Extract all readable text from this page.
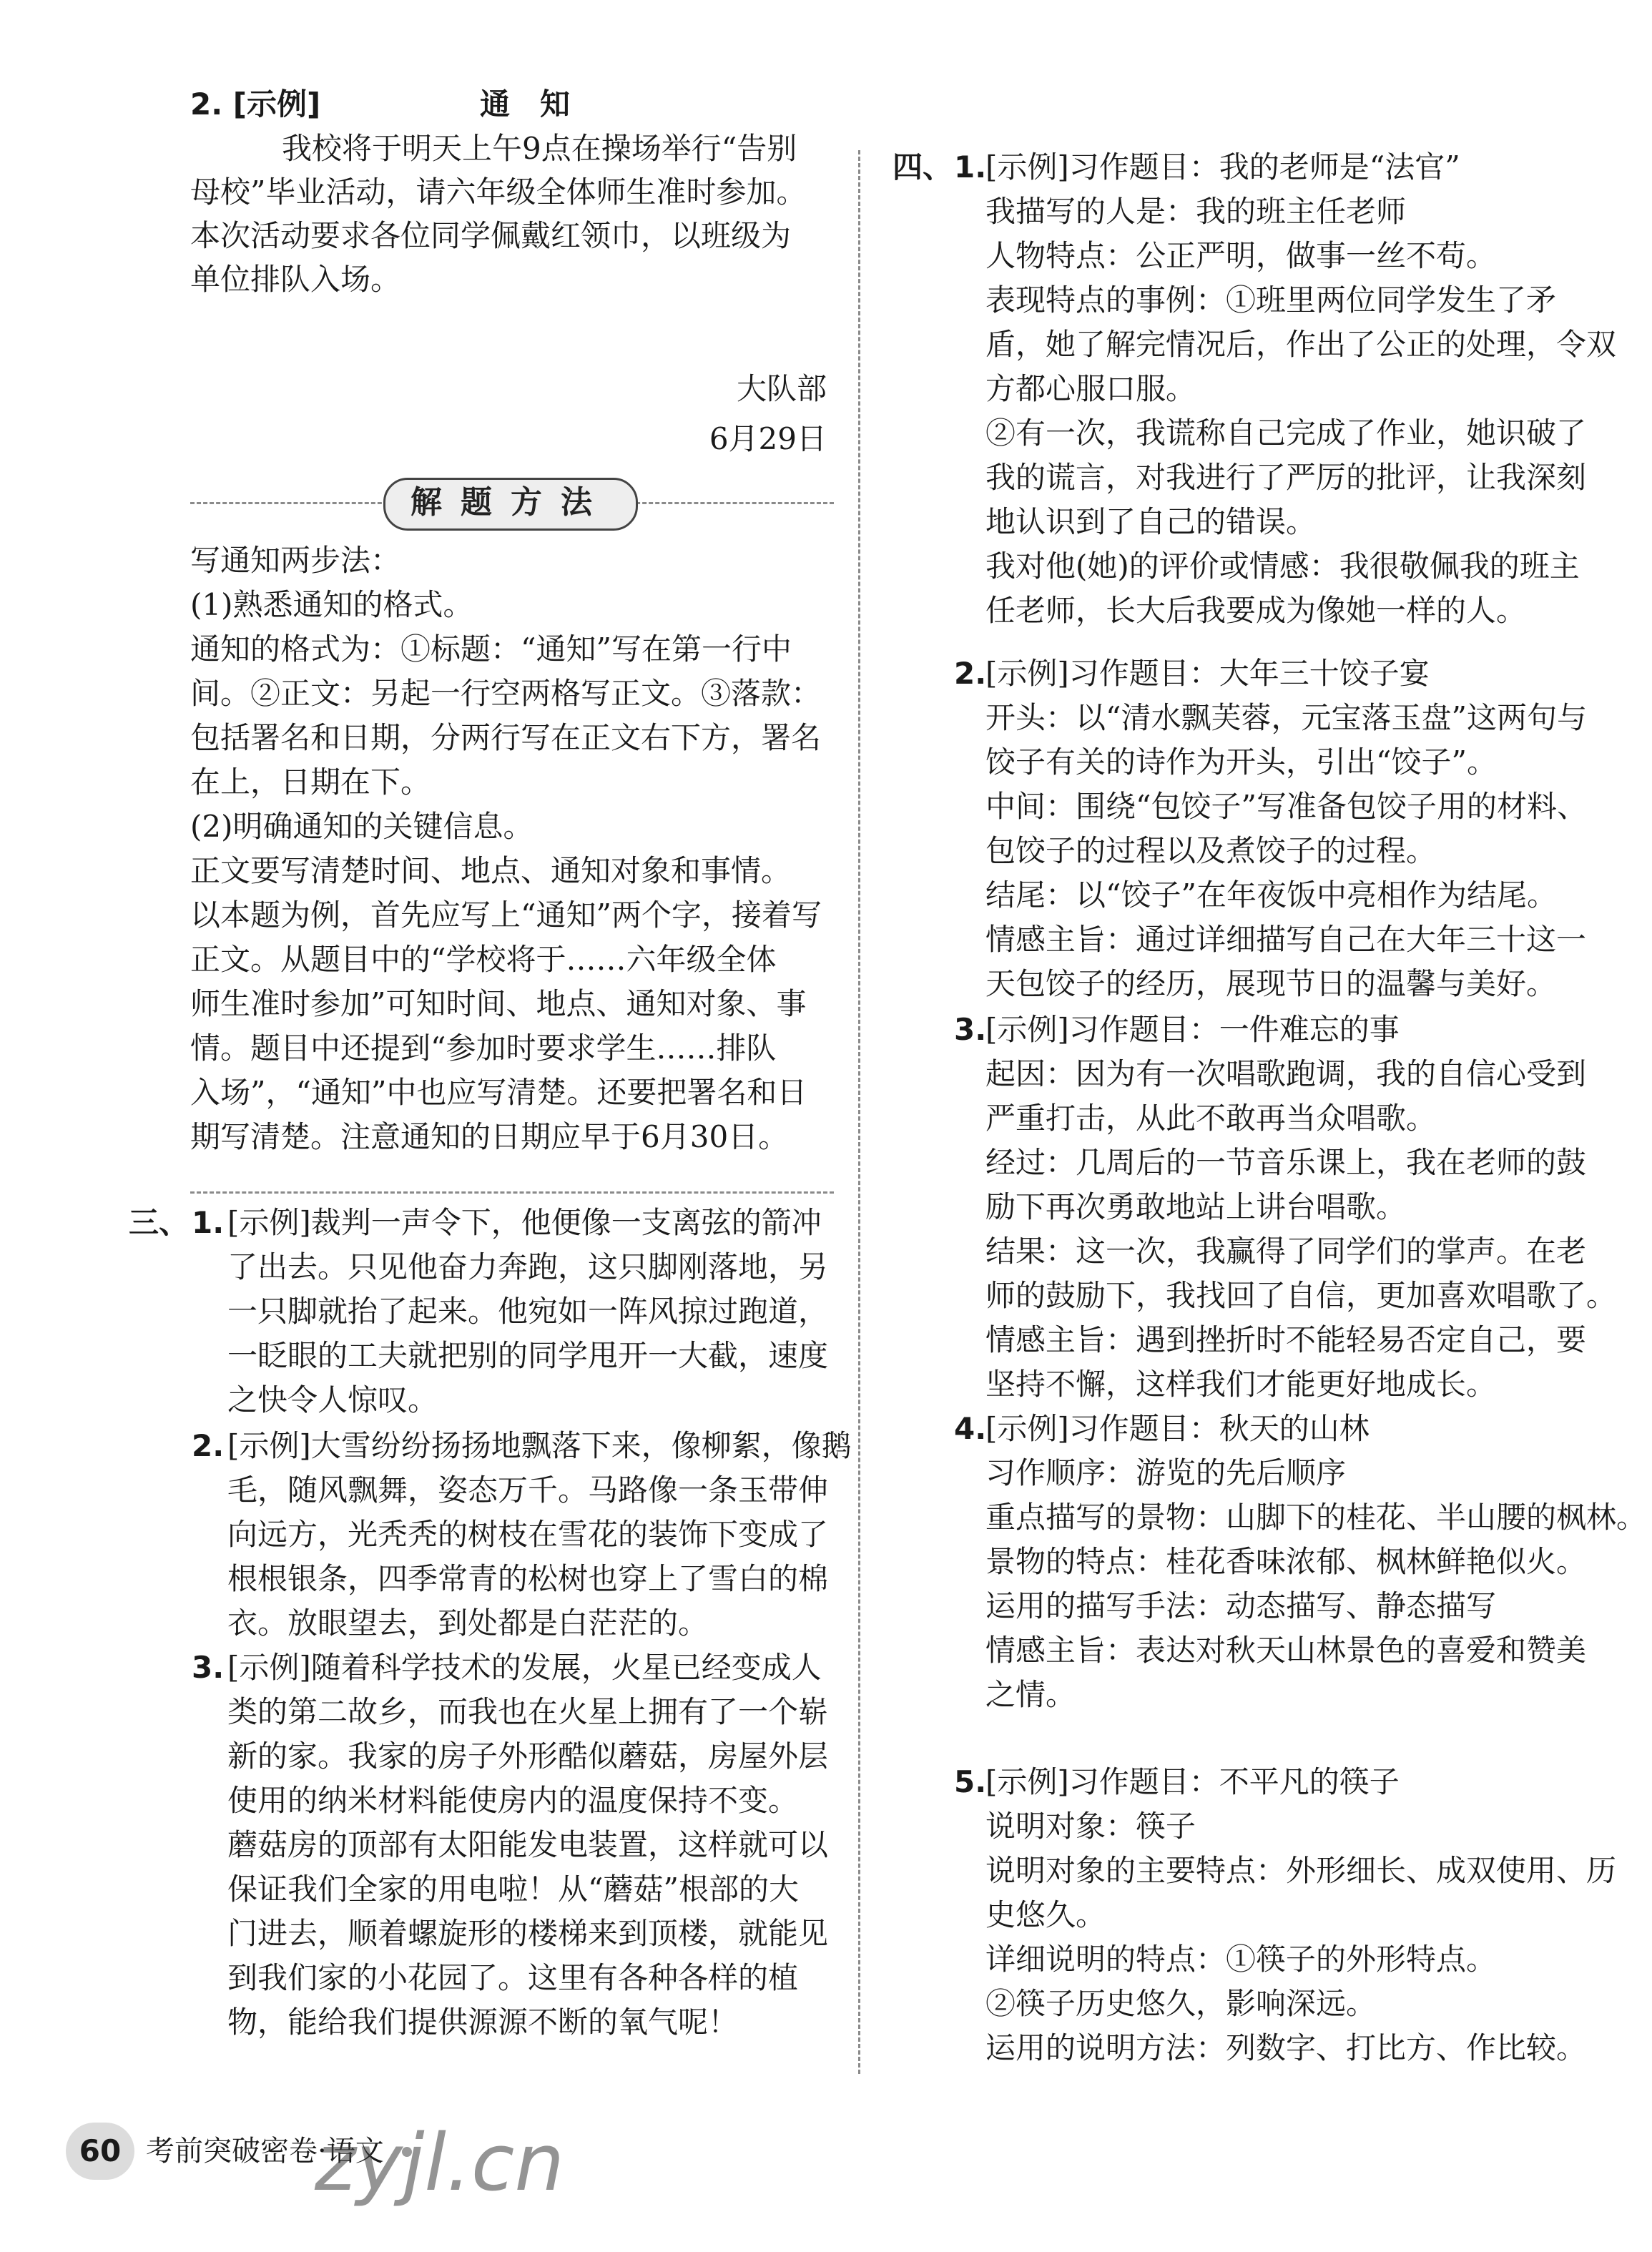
2. [示例]	通　知
我校将于明天上午9点在操场举行“告别
母校”毕业活动，请六年级全体师生准时参加。
本次活动要求各位同学佩戴红领巾，以班级为
单位排队入场。
大队部
6月29日
解题方法
写通知两步法：
(1)熟悉通知的格式。
通知的格式为：①标题：“通知”写在第一行中
间。②正文：另起一行空两格写正文。③落款：
包括署名和日期，分两行写在正文右下方，署名
在上，日期在下。
(2)明确通知的关键信息。
正文要写清楚时间、地点、通知对象和事情。
以本题为例，首先应写上“通知”两个字，接着写
正文。从题目中的“学校将于……六年级全体
师生准时参加”可知时间、地点、通知对象、事
情。题目中还提到“参加时要求学生……排队
入场”，“通知”中也应写清楚。还要把署名和日
期写清楚。注意通知的日期应早于6月30日。
三、 1. [示例]裁判一声令下，他便像一支离弦的箭冲
了出去。只见他奋力奔跑，这只脚刚落地，另
一只脚就抬了起来。他宛如一阵风掠过跑道，
一眨眼的工夫就把别的同学甩开一大截，速度
之快令人惊叹。
2. [示例]大雪纷纷扬扬地飘落下来，像柳絮，像鹅
毛，随风飘舞，姿态万千。马路像一条玉带伸
向远方，光秃秃的树枝在雪花的装饰下变成了
根根银条，四季常青的松树也穿上了雪白的棉
衣。放眼望去，到处都是白茫茫的。
3. [示例]随着科学技术的发展，火星已经变成人
类的第二故乡，而我也在火星上拥有了一个崭
新的家。我家的房子外形酷似蘑菇，房屋外层
使用的纳米材料能使房内的温度保持不变。
蘑菇房的顶部有太阳能发电装置，这样就可以
保证我们全家的用电啦！从“蘑菇”根部的大
门进去，顺着螺旋形的楼梯来到顶楼，就能见
到我们家的小花园了。这里有各种各样的植
物，能给我们提供源源不断的氧气呢！
四、 1.
[示例]习作题目：我的老师是“法官”
我描写的人是：我的班主任老师
人物特点：公正严明，做事一丝不苟。
表现特点的事例：①班里两位同学发生了矛
盾，她了解完情况后，作出了公正的处理，令双
方都心服口服。
②有一次，我谎称自己完成了作业，她识破了
我的谎言，对我进行了严厉的批评，让我深刻
地认识到了自己的错误。
我对他(她)的评价或情感：我很敬佩我的班主
任老师，长大后我要成为像她一样的人。
2.
[示例]习作题目：大年三十饺子宴
开头：以“清水飘芙蓉，元宝落玉盘”这两句与
饺子有关的诗作为开头，引出“饺子”。
中间：围绕“包饺子”写准备包饺子用的材料、
包饺子的过程以及煮饺子的过程。
结尾：以“饺子”在年夜饭中亮相作为结尾。
情感主旨：通过详细描写自己在大年三十这一
天包饺子的经历，展现节日的温馨与美好。
3.
[示例]习作题目：一件难忘的事
起因：因为有一次唱歌跑调，我的自信心受到
严重打击，从此不敢再当众唱歌。
经过：几周后的一节音乐课上，我在老师的鼓
励下再次勇敢地站上讲台唱歌。
结果：这一次，我赢得了同学们的掌声。在老
师的鼓励下，我找回了自信，更加喜欢唱歌了。
情感主旨：遇到挫折时不能轻易否定自己，要
坚持不懈，这样我们才能更好地成长。
4.
[示例]习作题目：秋天的山林
习作顺序：游览的先后顺序
重点描写的景物：山脚下的桂花、半山腰的枫林。
景物的特点：桂花香味浓郁、枫林鲜艳似火。
运用的描写手法：动态描写、静态描写
情感主旨：表达对秋天山林景色的喜爱和赞美
之情。
5.
[示例]习作题目：不平凡的筷子
说明对象：筷子
说明对象的主要特点：外形细长、成双使用、历
史悠久。
详细说明的特点：①筷子的外形特点。
②筷子历史悠久，影响深远。
运用的说明方法：列数字、打比方、作比较。
60 考前突破密卷·语文
zyjl.cn
